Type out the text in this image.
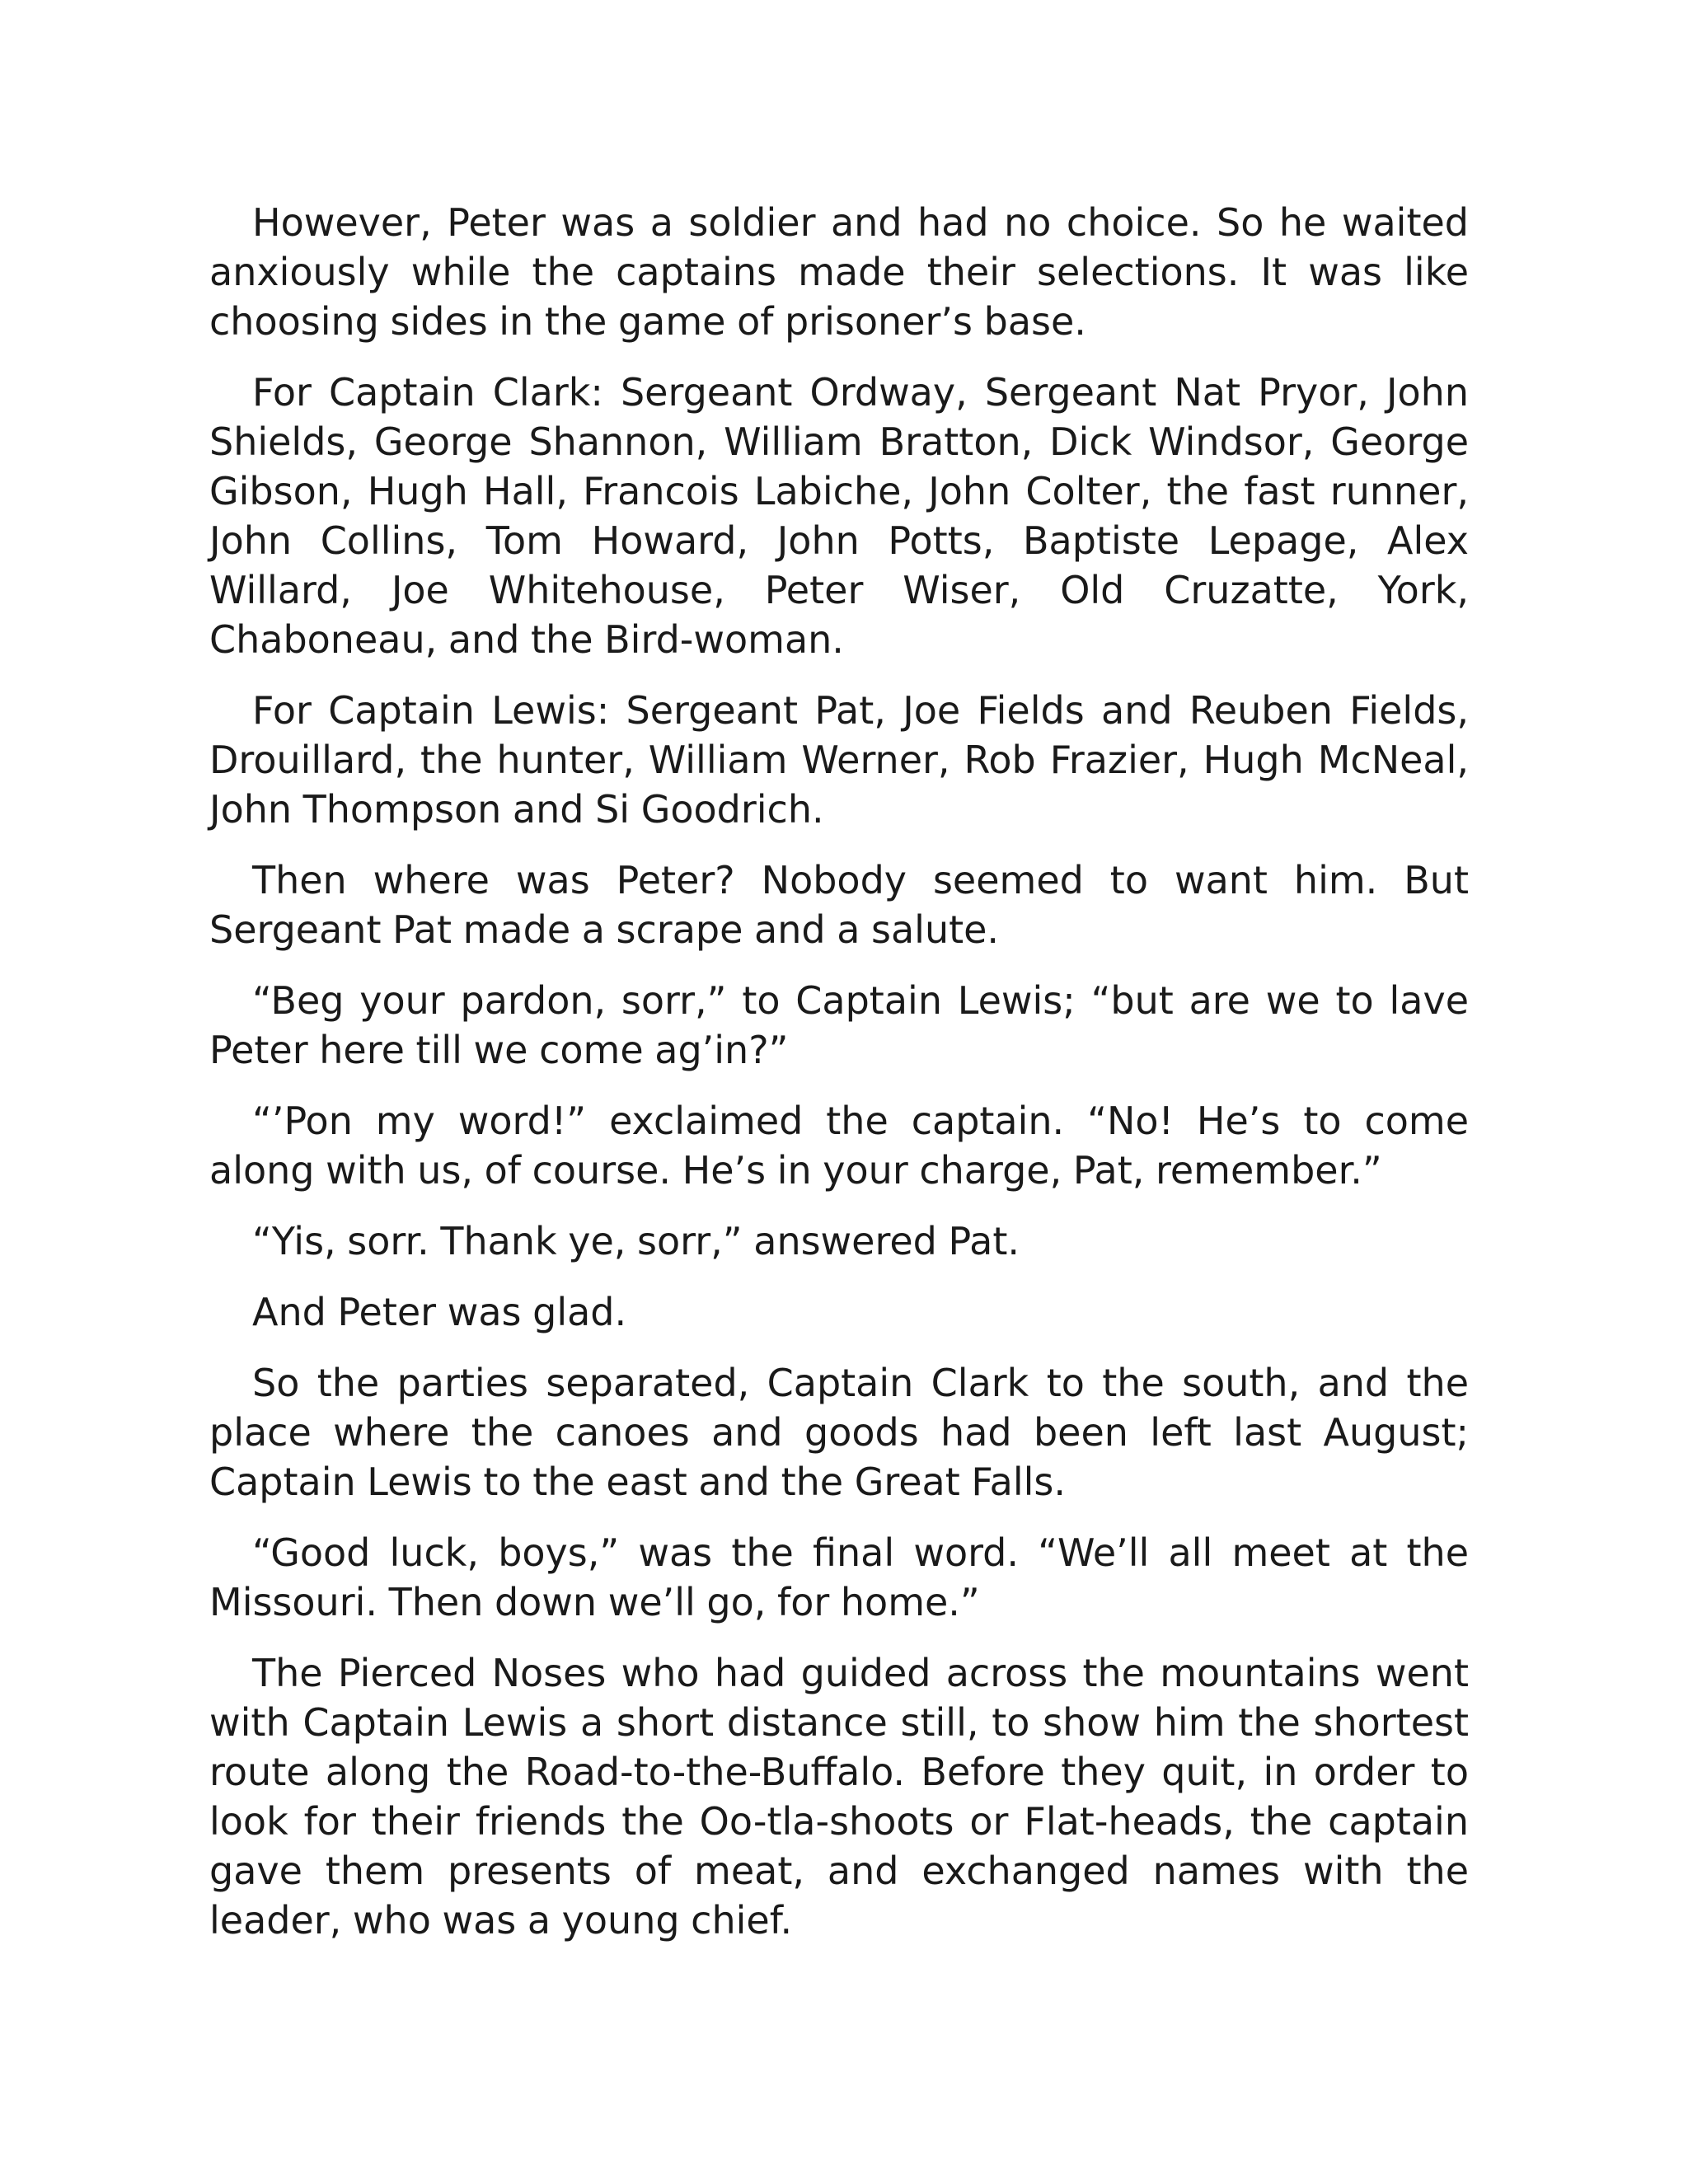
However, Peter was a soldier and had no choice. So he waited anxiously while the captains made their selections. It was like choosing sides in the game of prisoner’s base.

For Captain Clark: Sergeant Ordway, Sergeant Nat Pryor, John Shields, George Shannon, William Bratton, Dick Windsor, George Gibson, Hugh Hall, Francois Labiche, John Colter, the fast runner, John Collins, Tom Howard, John Potts, Baptiste Lepage, Alex Willard, Joe Whitehouse, Peter Wiser, Old Cruzatte, York, Chaboneau, and the Bird-woman.

For Captain Lewis: Sergeant Pat, Joe Fields and Reuben Fields, Drouillard, the hunter, William Werner, Rob Frazier, Hugh McNeal, John Thompson and Si Goodrich.

Then where was Peter? Nobody seemed to want him. But Sergeant Pat made a scrape and a salute.

“Beg your pardon, sorr,” to Captain Lewis; “but are we to lave Peter here till we come ag’in?”

“’Pon my word!” exclaimed the captain. “No! He’s to come along with us, of course. He’s in your charge, Pat, remember.”

“Yis, sorr. Thank ye, sorr,” answered Pat.

And Peter was glad.

So the parties separated, Captain Clark to the south, and the place where the canoes and goods had been left last August; Captain Lewis to the east and the Great Falls.

“Good luck, boys,” was the final word. “We’ll all meet at the Missouri. Then down we’ll go, for home.”

The Pierced Noses who had guided across the mountains went with Captain Lewis a short distance still, to show him the shortest route along the Road-to-the-Buffalo. Before they quit, in order to look for their friends the Oo-tla-shoots or Flat-heads, the captain gave them presents of meat, and exchanged names with the leader, who was a young chief.
